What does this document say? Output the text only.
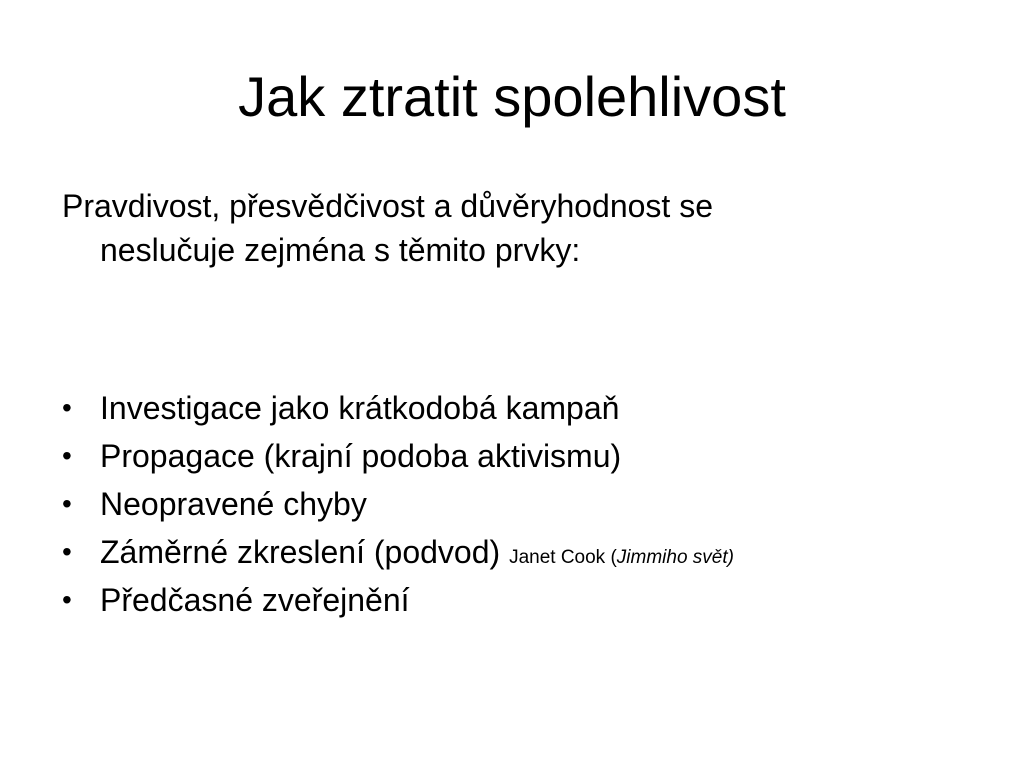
Jak ztratit spolehlivost

Pravdivost, přesvědčivost a důvěryhodnost se
neslučuje zejména s těmito prvky:

• Investigace jako krátkodobá kampaň
• Propagace (krajní podoba aktivismu)
• Neopravené chyby
• Záměrné zkreslení (podvod) Janet Cook (Jimmiho svět)
• Předčasné zveřejnění
